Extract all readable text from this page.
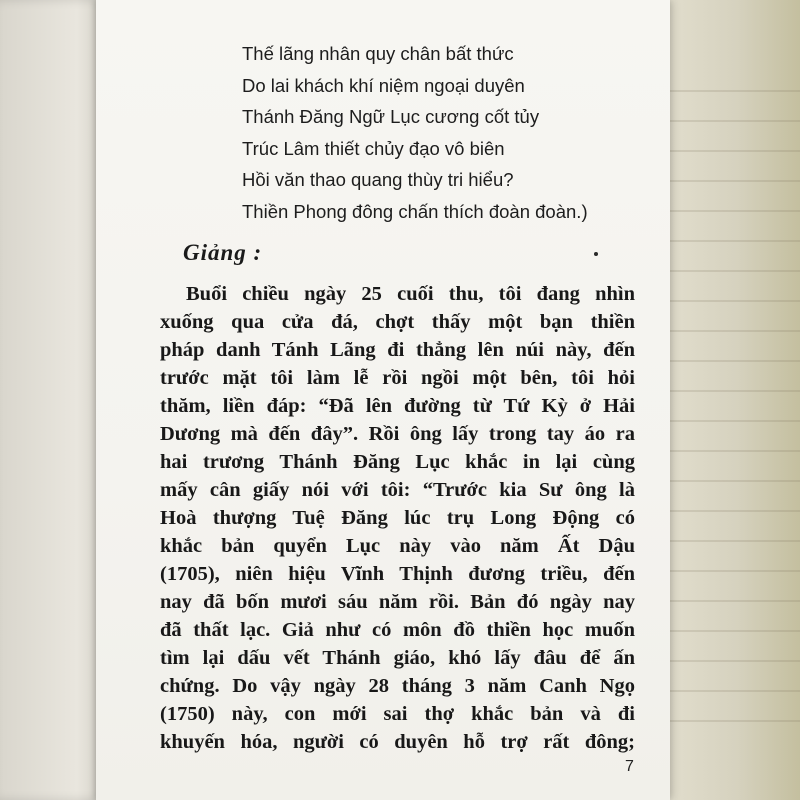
Thế lãng nhân quy chân bất thức
Do lai khách khí niệm ngoại duyên
Thánh Đăng Ngữ Lục cương cốt tủy
Trúc Lâm thiết chủy đạo vô biên
Hồi văn thao quang thùy tri hiểu?
Thiền Phong đông chấn thích đoàn đoàn.)
Giảng :
Buổi chiều ngày 25 cuối thu, tôi đang nhìn
xuống qua cửa đá, chợt thấy một bạn thiền
pháp danh Tánh Lãng đi thẳng lên núi này, đến
trước mặt tôi làm lễ rồi ngồi một bên, tôi hỏi
thăm, liền đáp: “Đã lên đường từ Tứ Kỳ ở Hải
Dương mà đến đây”. Rồi ông lấy trong tay áo ra
hai trương Thánh Đăng Lục khắc in lại cùng
mấy cân giấy nói với tôi: “Trước kia Sư ông là
Hoà thượng Tuệ Đăng lúc trụ Long Động có
khắc bản quyển Lục này vào năm Ất Dậu
(1705), niên hiệu Vĩnh Thịnh đương triều, đến
nay đã bốn mươi sáu năm rồi. Bản đó ngày nay
đã thất lạc. Giả như có môn đồ thiền học muốn
tìm lại dấu vết Thánh giáo, khó lấy đâu để ấn
chứng. Do vậy ngày 28 tháng 3 năm Canh Ngọ
(1750) này, con mới sai thợ khắc bản và đi
khuyến hóa, người có duyên hỗ trợ rất đông;
7
